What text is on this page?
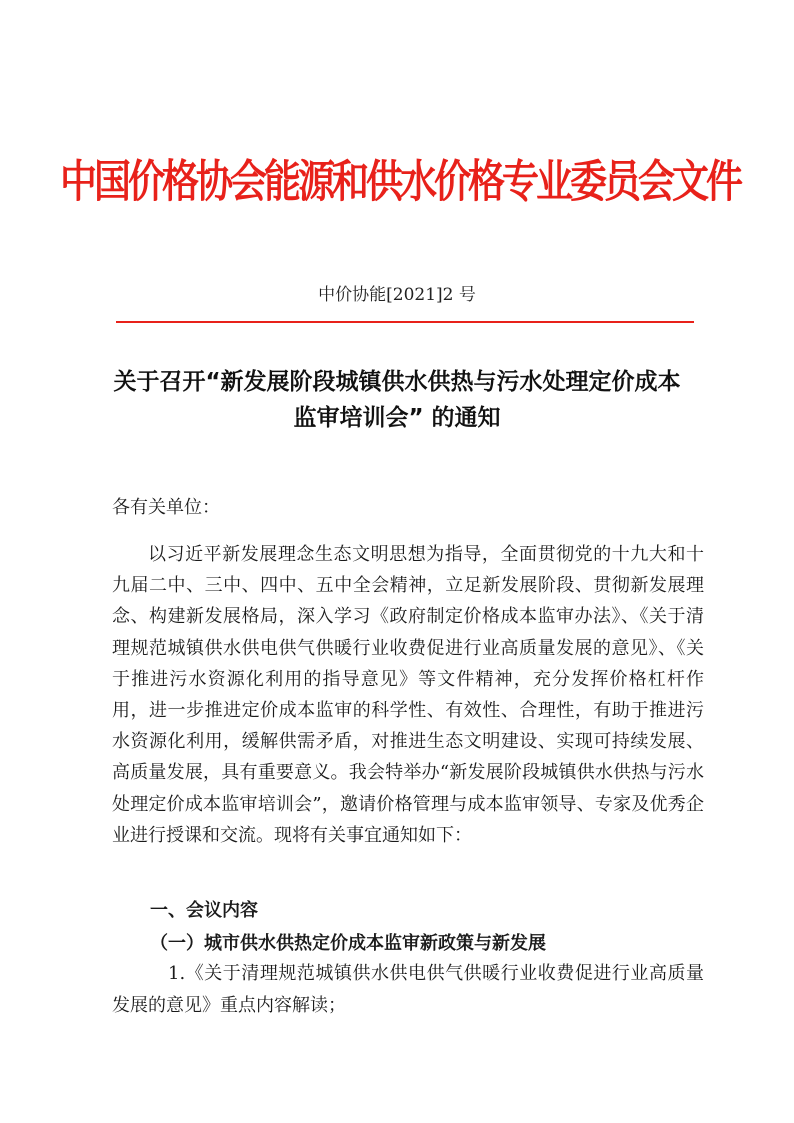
中国价格协会能源和供水价格专业委员会文件
中价协能[2021]2 号
关于召开“新发展阶段城镇供水供热与污水处理定价成本
监审培训会” 的通知
各有关单位：

以习近平新发展理念生态文明思想为指导，全面贯彻党的十九大和十九届二中、三中、四中、五中全会精神，立足新发展阶段、贯彻新发展理念、构建新发展格局，深入学习《政府制定价格成本监审办法》、《关于清理规范城镇供水供电供气供暖行业收费促进行业高质量发展的意见》、《关于推进污水资源化利用的指导意见》等文件精神，充分发挥价格杠杆作用，进一步推进定价成本监审的科学性、有效性、合理性，有助于推进污水资源化利用，缓解供需矛盾，对推进生态文明建设、实现可持续发展、高质量发展，具有重要意义。我会特举办“新发展阶段城镇供水供热与污水处理定价成本监审培训会”，邀请价格管理与成本监审领导、专家及优秀企业进行授课和交流。现将有关事宜通知如下：

一、会议内容
（一）城市供水供热定价成本监审新政策与新发展

1.《关于清理规范城镇供水供电供气供暖行业收费促进行业高质量发展的意见》重点内容解读；
